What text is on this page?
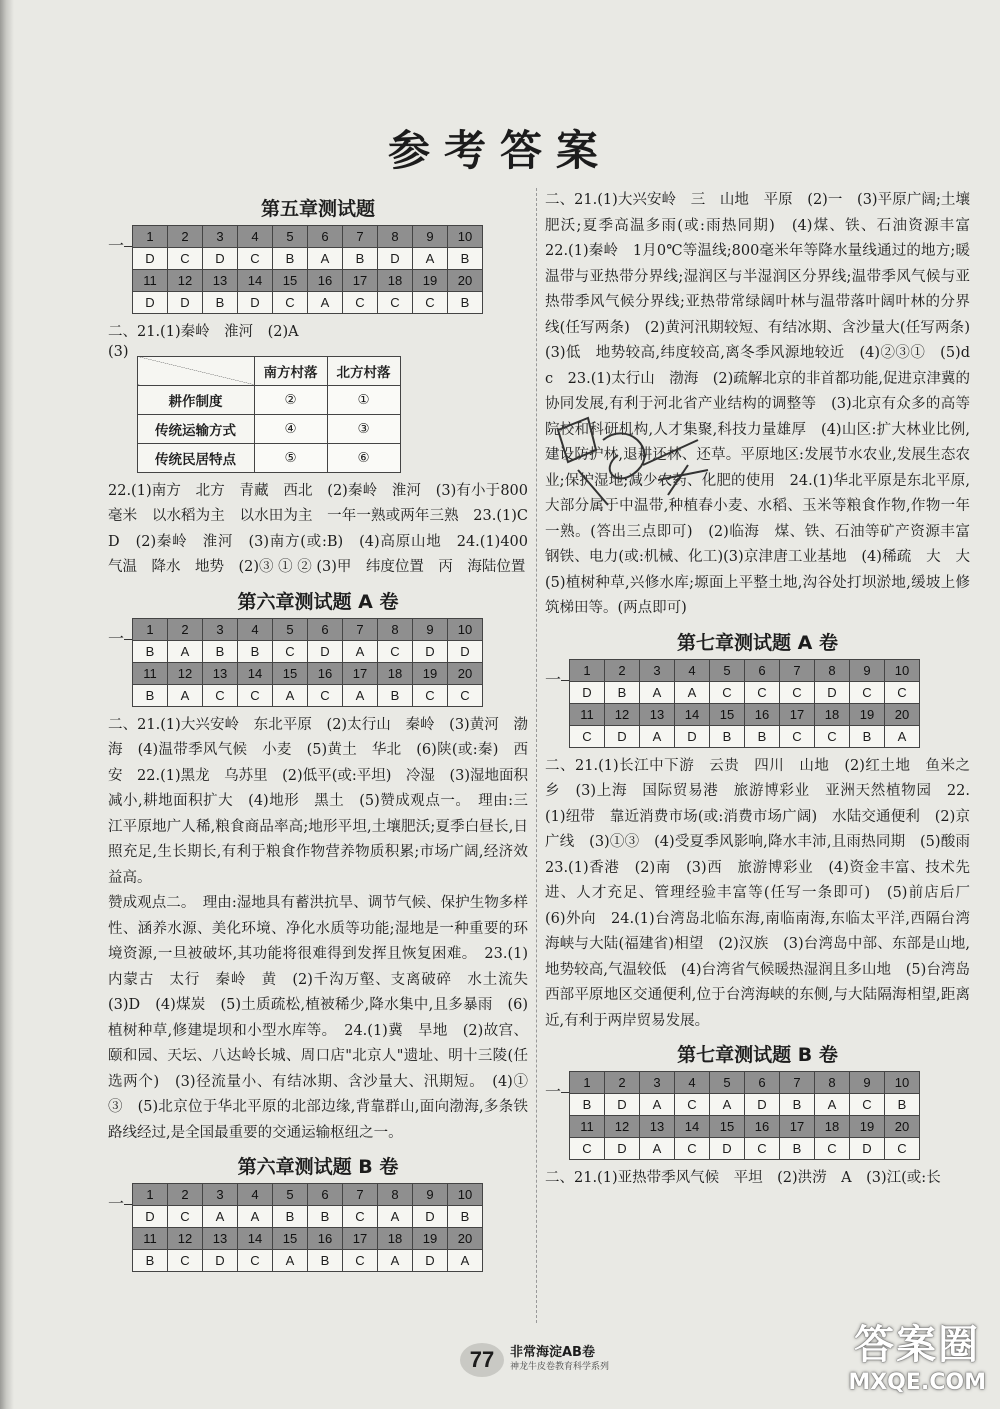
参考答案
第五章测试题
一	1	2	3	4	5	6	7	8	9	10
D	C	D	C	B	A	B	D	A	B
11	12	13	14	15	16	17	18	19	20
D	D	B	D	C	A	C	C	C	B

二、21.(1)秦岭　淮河　(2)A

(3)
	南方村落	北方村落
耕作制度	②	①
传统运输方式	④	③
传统民居特点	⑤	⑥

22.(1)南方　北方　青藏　西北　(2)秦岭　淮河　(3)有小于800毫米　以水稻为主　以水田为主　一年一熟或两年三熟　23.(1)C D　(2)秦岭　淮河　(3)南方(或:B)　(4)高原山地　24.(1)400　气温　降水　地势　(2)③ ① ② (3)甲　纬度位置　丙　海陆位置

第六章测试题 A 卷
一	1	2	3	4	5	6	7	8	9	10
B	A	B	B	C	D	A	C	D	D
11	12	13	14	15	16	17	18	19	20
B	A	C	C	A	C	A	B	C	C

二、21.(1)大兴安岭　东北平原　(2)太行山　秦岭　(3)黄河　渤海　(4)温带季风气候　小麦　(5)黄土　华北　(6)陕(或:秦)　西安　22.(1)黑龙　乌苏里　(2)低平(或:平坦)　冷湿　(3)湿地面积减小,耕地面积扩大　(4)地形　黑土　(5)赞成观点一。　理由:三江平原地广人稀,粮食商品率高;地形平坦,土壤肥沃;夏季白昼长,日照充足,生长期长,有利于粮食作物营养物质积累;市场广阔,经济效益高。

赞成观点二。　理由:湿地具有蓄洪抗旱、调节气候、保护生物多样性、涵养水源、美化环境、净化水质等功能;湿地是一种重要的环境资源,一旦被破坏,其功能将很难得到发挥且恢复困难。　23.(1)内蒙古　太行　秦岭　黄　(2)千沟万壑、支离破碎　水土流失　(3)D　(4)煤炭　(5)土质疏松,植被稀少,降水集中,且多暴雨　(6)植树种草,修建堤坝和小型水库等。　24.(1)冀　旱地　(2)故宫、颐和园、天坛、八达岭长城、周口店"北京人"遗址、明十三陵(任选两个)　(3)径流量小、有结冰期、含沙量大、汛期短。　(4)①　③　(5)北京位于华北平原的北部边缘,背靠群山,面向渤海,多条铁路线经过,是全国最重要的交通运输枢纽之一。

第六章测试题 B 卷
一	1	2	3	4	5	6	7	8	9	10
D	C	A	A	B	B	C	A	D	B
11	12	13	14	15	16	17	18	19	20
B	C	D	C	A	B	C	A	D	A

二、21.(1)大兴安岭　三　山地　平原　(2)一　(3)平原广阔;土壤肥沃;夏季高温多雨(或:雨热同期)　(4)煤、铁、石油资源丰富　22.(1)秦岭　1月0℃等温线;800毫米年等降水量线通过的地方;暖温带与亚热带分界线;湿润区与半湿润区分界线;温带季风气候与亚热带季风气候分界线;亚热带常绿阔叶林与温带落叶阔叶林的分界线(任写两条)　(2)黄河汛期较短、有结冰期、含沙量大(任写两条)　(3)低　地势较高,纬度较高,离冬季风源地较近　(4)②③①　(5)d　c　23.(1)太行山　渤海　(2)疏解北京的非首都功能,促进京津冀的协同发展,有利于河北省产业结构的调整等　(3)北京有众多的高等院校和科研机构,人才集聚,科技力量雄厚　(4)山区:扩大林业比例,建设防护林,退耕还林、还草。平原地区:发展节水农业,发展生态农业;保护湿地;减少农药、化肥的使用　24.(1)华北平原是东北平原,大部分属于中温带,种植春小麦、水稻、玉米等粮食作物,作物一年一熟。(答出三点即可)　(2)临海　煤、铁、石油等矿产资源丰富　钢铁、电力(或:机械、化工)(3)京津唐工业基地　(4)稀疏　大　大　(5)植树种草,兴修水库;塬面上平整土地,沟谷处打坝淤地,缓坡上修筑梯田等。(两点即可)

第七章测试题 A 卷
一	1	2	3	4	5	6	7	8	9	10
D	B	A	A	C	C	C	D	C	C
11	12	13	14	15	16	17	18	19	20
C	D	A	D	B	B	C	C	B	A

二、21.(1)长江中下游　云贵　四川　山地　(2)红土地　鱼米之乡　(3)上海　国际贸易港　旅游博彩业　亚洲天然植物园　22.(1)纽带　靠近消费市场(或:消费市场广阔)　水陆交通便利　(2)京广线　(3)①③　(4)受夏季风影响,降水丰沛,且雨热同期　(5)酸雨　23.(1)香港　(2)南　(3)西　旅游博彩业　(4)资金丰富、技术先进、人才充足、管理经验丰富等(任写一条即可)　(5)前店后厂　(6)外向　24.(1)台湾岛北临东海,南临南海,东临太平洋,西隔台湾海峡与大陆(福建省)相望　(2)汉族　(3)台湾岛中部、东部是山地,地势较高,气温较低　(4)台湾省气候暖热湿润且多山地　(5)台湾岛西部平原地区交通便利,位于台湾海峡的东侧,与大陆隔海相望,距离近,有利于两岸贸易发展。

第七章测试题 B 卷
一	1	2	3	4	5	6	7	8	9	10
B	D	A	C	A	D	B	A	C	B
11	12	13	14	15	16	17	18	19	20
C	D	A	C	D	C	B	C	D	C

二、21.(1)亚热带季风气候　平坦　(2)洪涝　A　(3)江(或:长

77	非常海淀AB卷
神龙牛皮卷教育科学系列	答案圈
MXQE.COM
